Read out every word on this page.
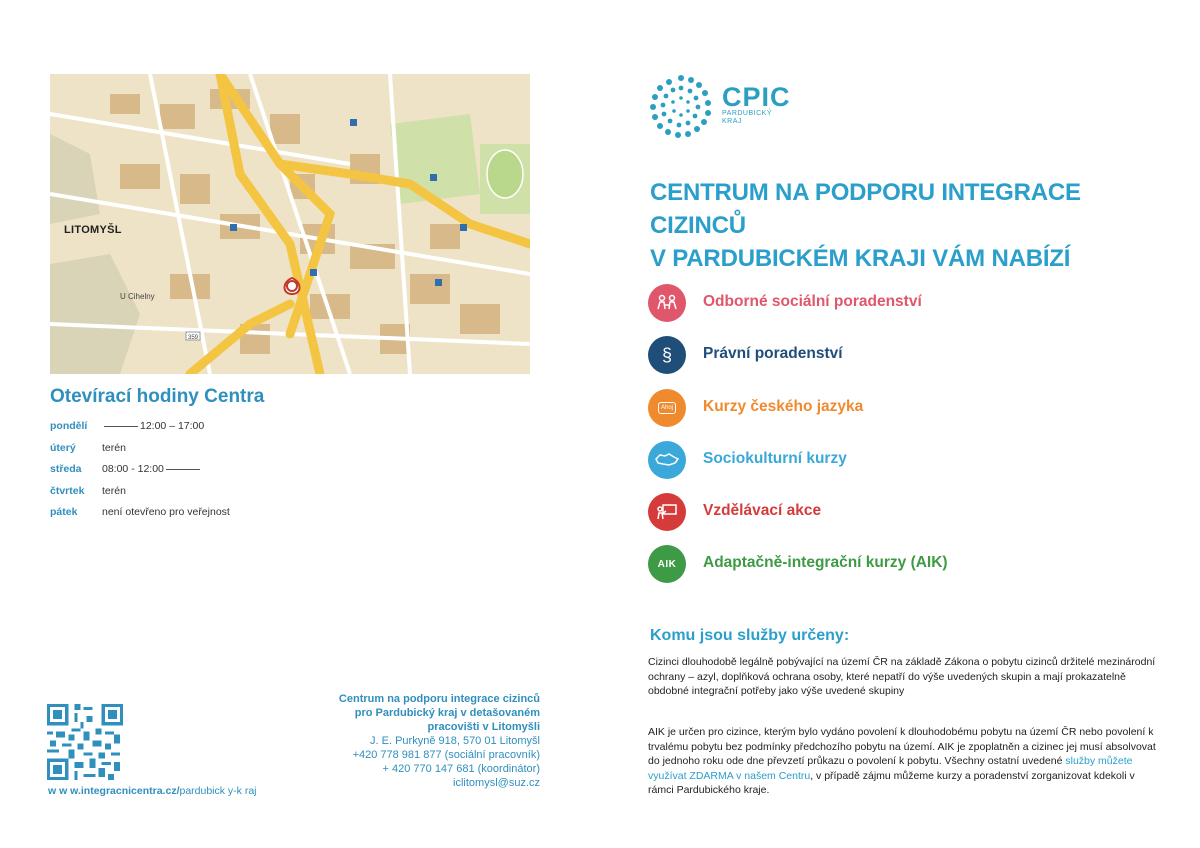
359
LITOMYŠL
U Cihelny
Otevírací hodiny Centra
pondělí	12:00 – 17:00
úterý	terén
středa 08:00 - 12:00
čtvrtek terén
pátek není otevřeno pro veřejnost
w w w.integracnicentra.cz/pardubick y-k raj
Centrum na podporu integrace cizinců
pro Pardubický kraj v detašovaném
pracovišti v Litomyšli
J. E. Purkyně 918, 570 01 Litomyšl
+420 778 981 877 (sociální pracovník)
+ 420 770 147 681 (koordinátor)
iclitomysl@suz.cz
CPIC
PARDUBICKÝ
KRAJ
CENTRUM NA PODPORU INTEGRACE CIZINCŮ
V PARDUBICKÉM KRAJI VÁM NABÍZÍ
Odborné sociální poradenství
§	Právní poradenství
Ahoj Kurzy českého jazyka
Sociokulturní kurzy
Vzdělávací akce
AIK	Adaptačně-integrační kurzy (AIK)
Komu jsou služby určeny:
Cizinci dlouhodobě legálně pobývající na území ČR na základě Zákona o pobytu cizinců držitelé mezinárodní ochrany – azyl, doplňková ochrana osoby, které nepatří do výše uvedených skupin a mají prokazatelně obdobné integrační potřeby jako výše uvedené skupiny
AIK je určen pro cizince, kterým bylo vydáno povolení k dlouhodobému pobytu na území ČR nebo povolení k trvalému pobytu bez podmínky předchozího pobytu na území. AIK je zpoplatněn a cizinec jej musí absolvovat do jednoho roku ode dne převzetí průkazu o povolení k pobytu. Všechny ostatní uvedené služby můžete využívat ZDARMA v našem Centru, v případě zájmu můžeme kurzy a poradenství zorganizovat kdekoli v rámci Pardubického kraje.
